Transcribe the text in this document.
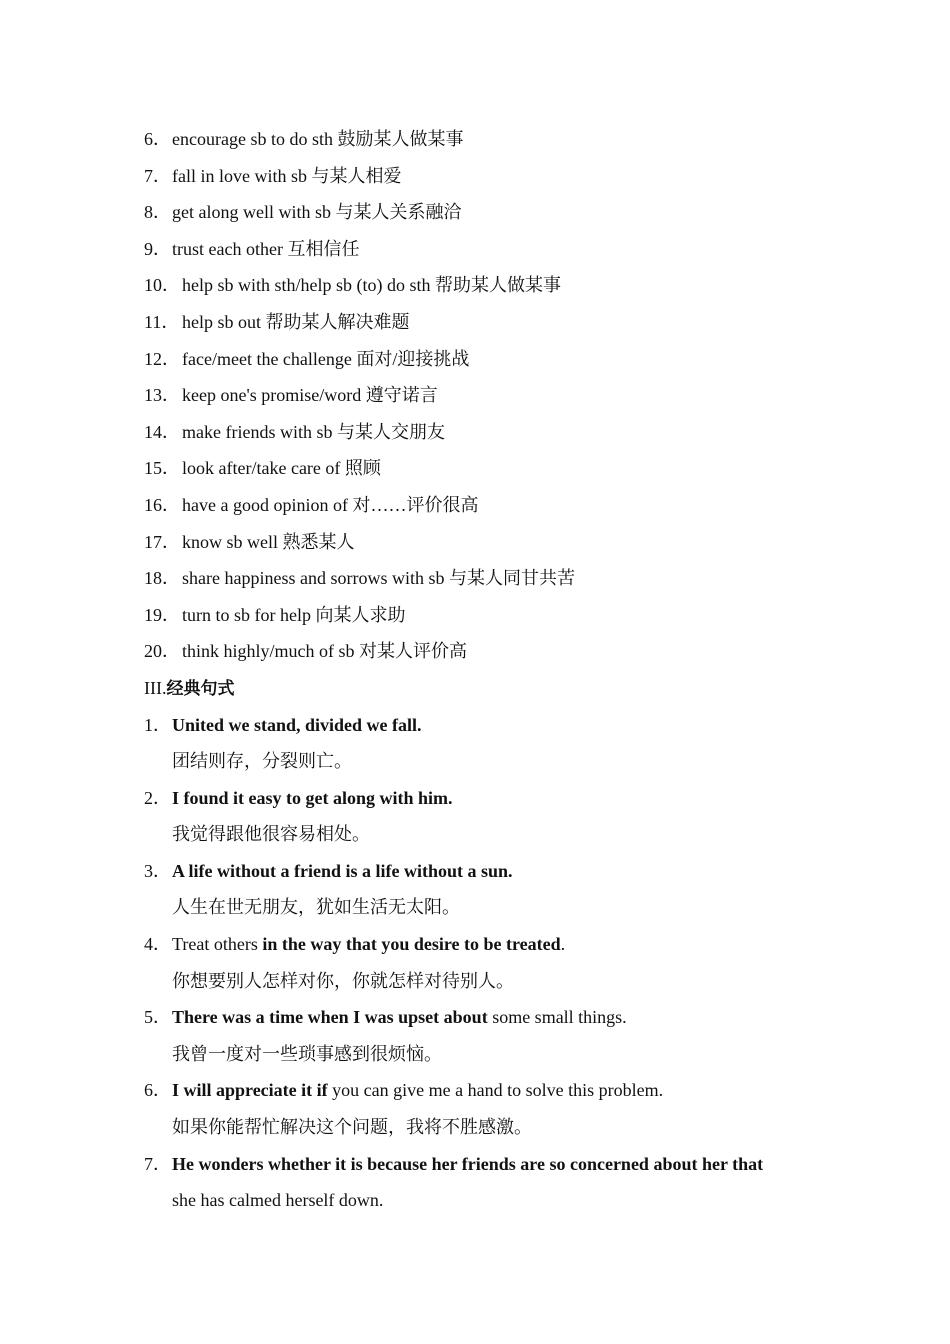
6．encourage sb to do sth 鼓励某人做某事
7．fall in love with sb 与某人相爱
8．get along well with sb 与某人关系融洽
9．trust each other 互相信任
10． help sb with sth/help sb (to) do sth 帮助某人做某事
11． help sb out 帮助某人解决难题
12． face/meet the challenge 面对/迎接挑战
13． keep one's promise/word 遵守诺言
14． make friends with sb 与某人交朋友
15． look after/take care of 照顾
16． have a good opinion of 对……评价很高
17． know sb well 熟悉某人
18． share happiness and sorrows with sb 与某人同甘共苦
19． turn to sb for help 向某人求助
20． think highly/much of sb 对某人评价高
III.经典句式
1．United we stand, divided we fall.
团结则存，分裂则亡。
2．I found it easy to get along with him.
我觉得跟他很容易相处。
3．A life without a friend is a life without a sun.
人生在世无朋友，犹如生活无太阳。
4．Treat others in the way that you desire to be treated.
你想要别人怎样对你，你就怎样对待别人。
5．There was a time when I was upset about some small things.
我曾一度对一些琐事感到很烦恼。
6．I will appreciate it if you can give me a hand to solve this problem.
如果你能帮忙解决这个问题，我将不胜感激。
7．He wonders whether it is because her friends are so concerned about her that
she has calmed herself down.
